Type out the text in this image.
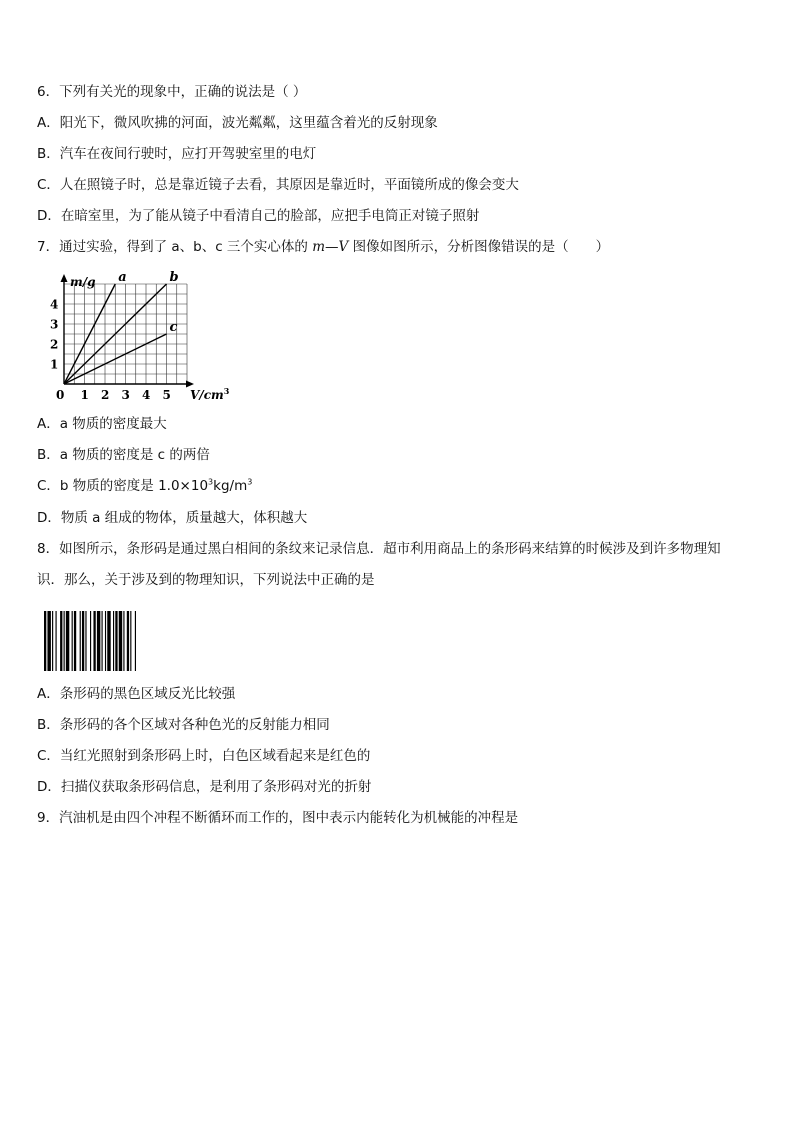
6．下列有关光的现象中，正确的说法是（ ）
A．阳光下，微风吹拂的河面，波光粼粼，这里蕴含着光的反射现象
B．汽车在夜间行驶时，应打开驾驶室里的电灯
C．人在照镜子时，总是靠近镜子去看，其原因是靠近时，平面镜所成的像会变大
D．在暗室里，为了能从镜子中看清自己的脸部，应把手电筒正对镜子照射
7．通过实验，得到了 a、b、c 三个实心体的 m—V 图像如图所示，分析图像错误的是（　　）
a	b
c
m/g
$V/cm^3$
0
1
2
3
4
1 2 3 4 5
A．a 物质的密度最大
B．a 物质的密度是 c 的两倍
C．b 物质的密度是 $1.0\times 10^3kg/m^3$
D．物质 a 组成的物体，质量越大，体积越大
8．如图所示，条形码是通过黑白相间的条纹来记录信息．超市利用商品上的条形码来结算的时候涉及到许多物理知
识．那么，关于涉及到的物理知识，下列说法中正确的是
A．条形码的黑色区域反光比较强
B．条形码的各个区域对各种色光的反射能力相同
C．当红光照射到条形码上时，白色区域看起来是红色的
D．扫描仪获取条形码信息，是利用了条形码对光的折射
9．汽油机是由四个冲程不断循环而工作的，图中表示内能转化为机械能的冲程是
